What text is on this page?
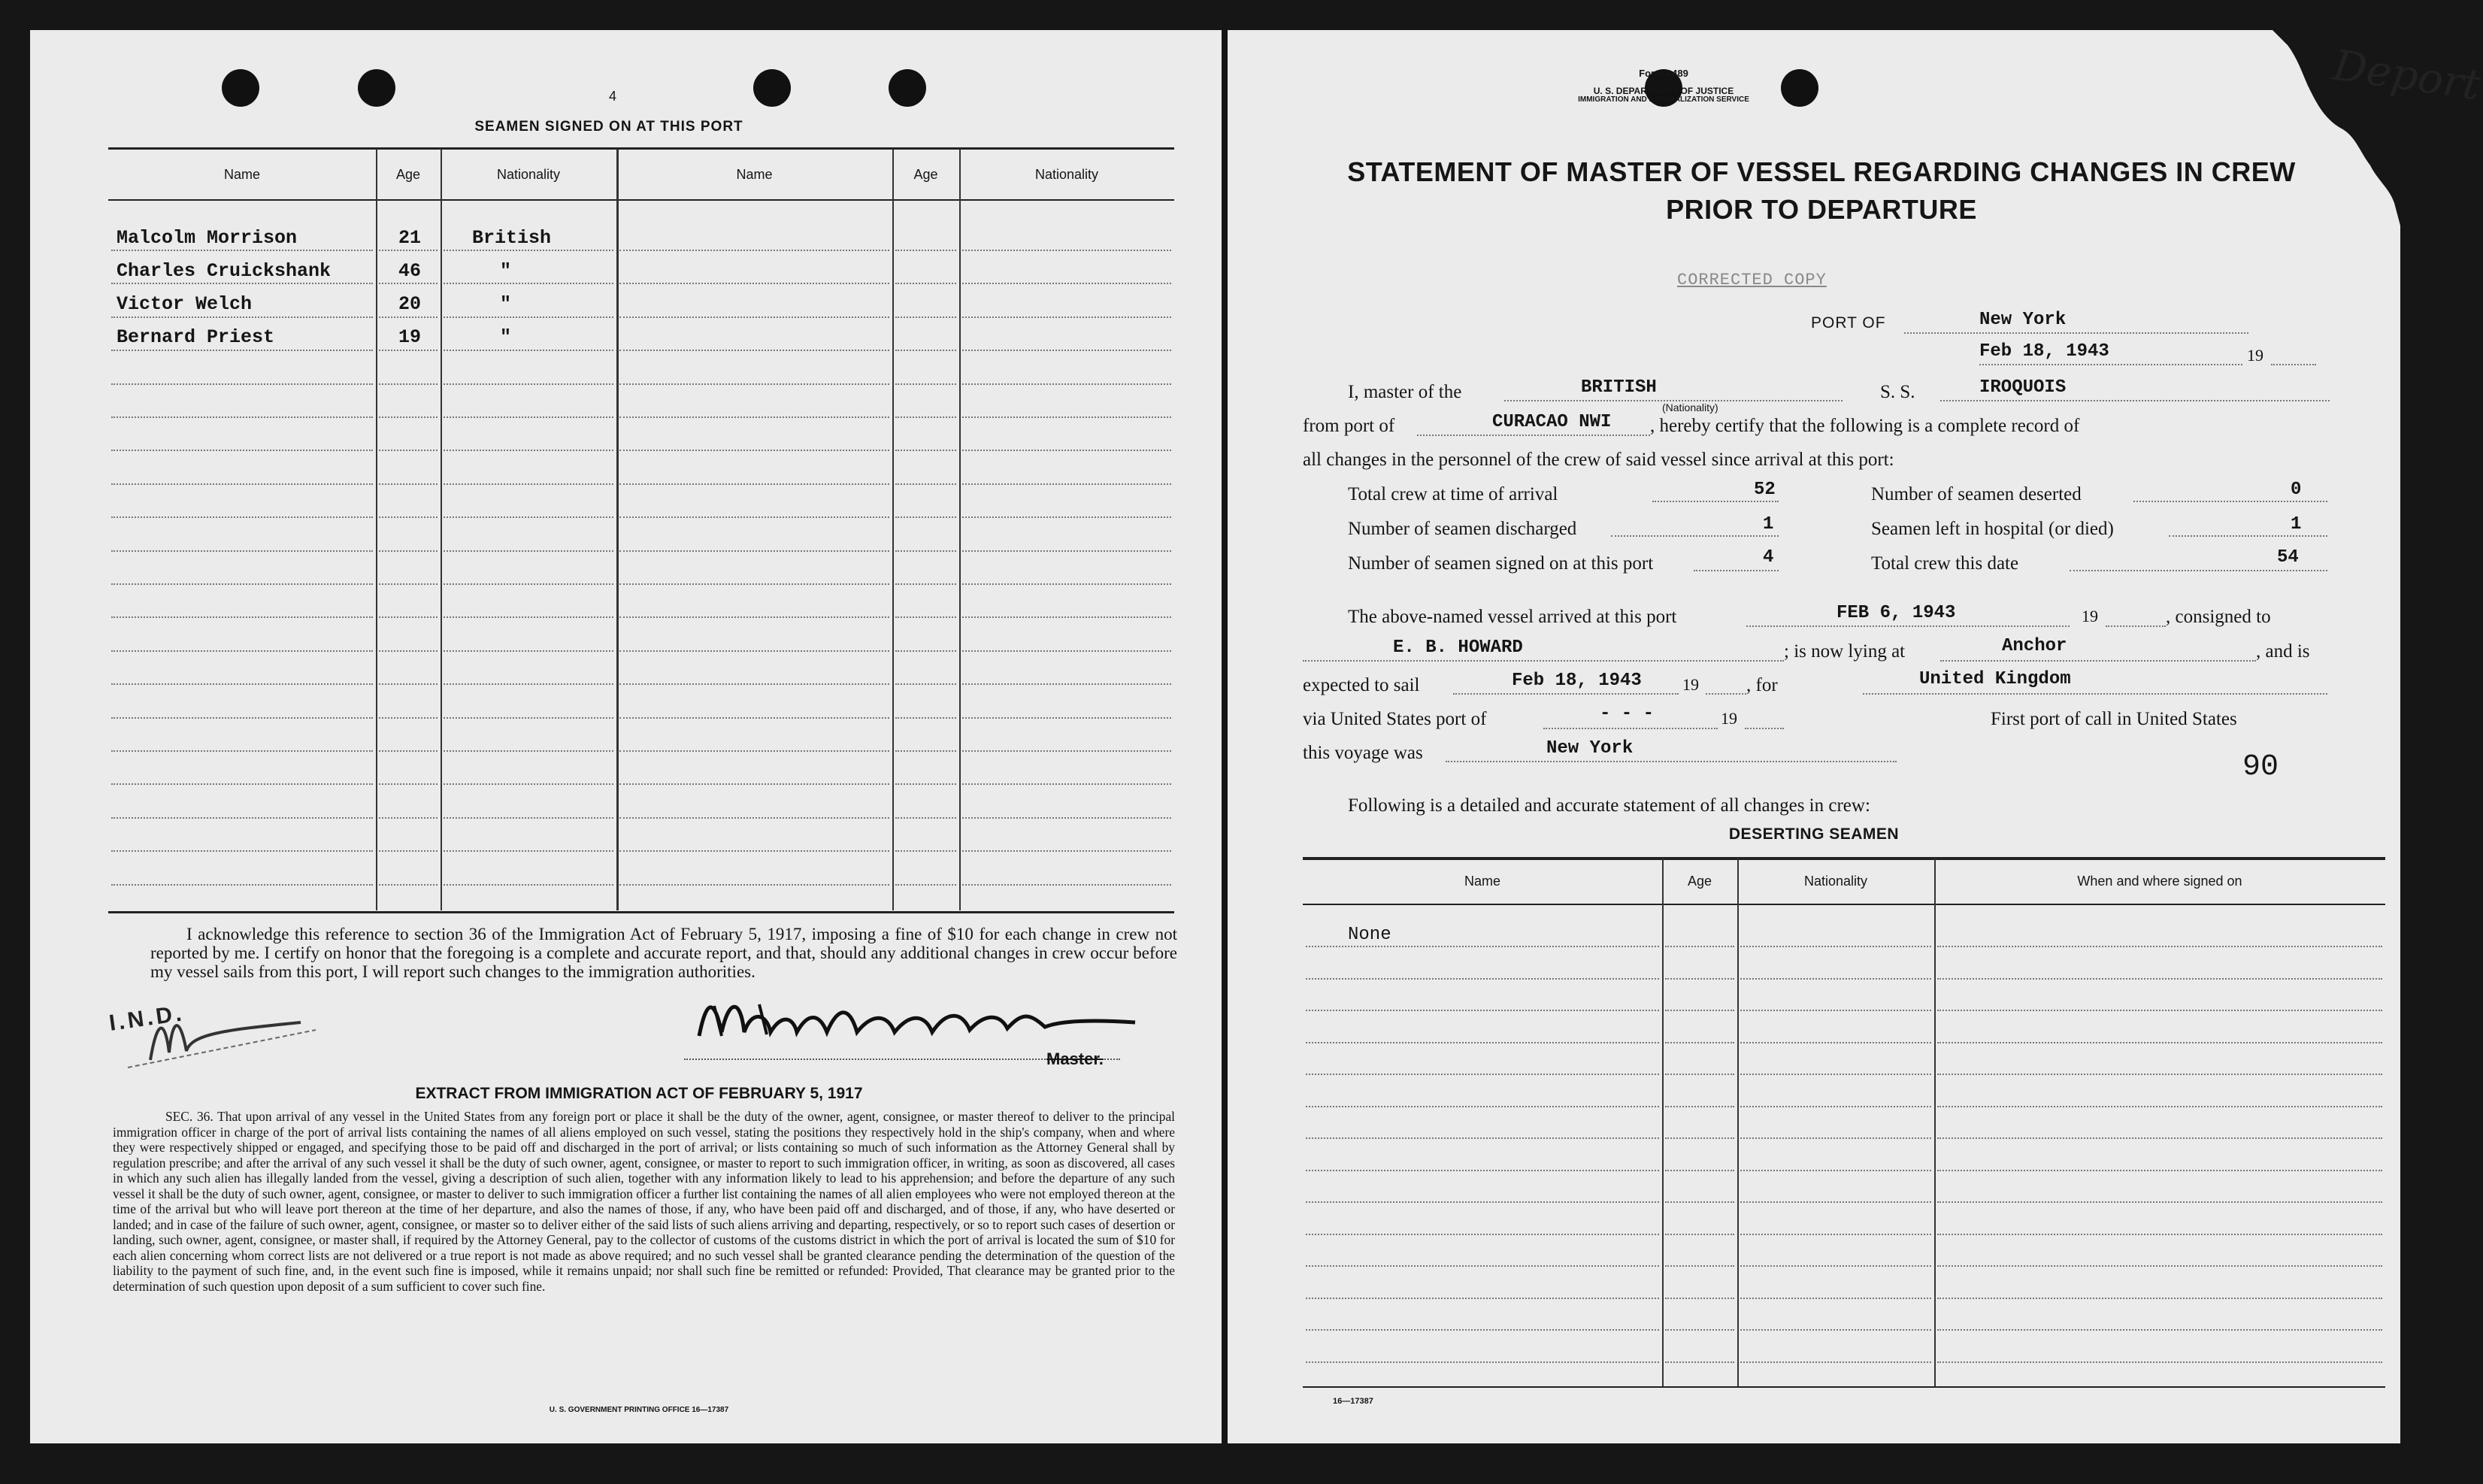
4
SEAMEN SIGNED ON AT THIS PORT
Name	Age	Nationality	Name	Age	Nationality
Malcolm Morrison	21	British
Charles Cruickshank	46	"
Victor Welch	20	"
Bernard Priest	19	"
I acknowledge this reference to section 36 of the Immigration Act of February 5, 1917, imposing a fine of $10 for each change in crew not reported by me. I certify on honor that the foregoing is a complete and accurate report, and that, should any additional changes in crew occur before my vessel sails from this port, I will report such changes to the immigration authorities.
I.N.D.
Master.
EXTRACT FROM IMMIGRATION ACT OF FEBRUARY 5, 1917
SEC. 36. That upon arrival of any vessel in the United States from any foreign port or place it shall be the duty of the owner, agent, consignee, or master thereof to deliver to the principal immigration officer in charge of the port of arrival lists containing the names of all aliens employed on such vessel, stating the positions they respectively hold in the ship's company, when and where they were respectively shipped or engaged, and specifying those to be paid off and discharged in the port of arrival; or lists containing so much of such information as the Attorney General shall by regulation prescribe; and after the arrival of any such vessel it shall be the duty of such owner, agent, consignee, or master to report to such immigration officer, in writing, as soon as discovered, all cases in which any such alien has illegally landed from the vessel, giving a description of such alien, together with any information likely to lead to his apprehension; and before the departure of any such vessel it shall be the duty of such owner, agent, consignee, or master to deliver to such immigration officer a further list containing the names of all alien employees who were not employed thereon at the time of the arrival but who will leave port thereon at the time of her departure, and also the names of those, if any, who have been paid off and discharged, and of those, if any, who have deserted or landed; and in case of the failure of such owner, agent, consignee, or master so to deliver either of the said lists of such aliens arriving and departing, respectively, or so to report such cases of desertion or landing, such owner, agent, consignee, or master shall, if required by the Attorney General, pay to the collector of customs of the customs district in which the port of arrival is located the sum of $10 for each alien concerning whom correct lists are not delivered or a true report is not made as above required; and no such vessel shall be granted clearance pending the determination of the question of the liability to the payment of such fine, and, in the event such fine is imposed, while it remains unpaid; nor shall such fine be remitted or refunded: Provided, That clearance may be granted prior to the determination of such question upon deposit of a sum sufficient to cover such fine.
U. S. GOVERNMENT PRINTING OFFICE 16—17387
Form I-489
(Old 689)
U. S. DEPARTMENT OF JUSTICE
IMMIGRATION AND NATURALIZATION SERVICE	Deport
STATEMENT OF MASTER OF VESSEL REGARDING CHANGES IN CREW
PRIOR TO DEPARTURE
CORRECTED COPY
PORT OF	New York
Feb 18, 1943	19
I, master of the	BRITISH
(Nationality)
S. S.	IROQUOIS
from port of	CURACAO NWI , hereby certify that the following is a complete record of
all changes in the personnel of the crew of said vessel since arrival at this port:
Total crew at time of arrival	52	Number of seamen deserted	0
Number of seamen discharged	1	Seamen left in hospital (or died)	1
Number of seamen signed on at this port	4	Total crew this date	54
The above-named vessel arrived at this port	FEB 6, 1943	19	, consigned to
E. B. HOWARD	; is now lying at	Anchor	, and is
expected to sail	Feb 18, 1943 19	, for	United Kingdom
via United States port of	- - -	19	First port of call in United States
this voyage was	New York
90
Following is a detailed and accurate statement of all changes in crew:
DESERTING SEAMEN
Name	Age	Nationality	When and where signed on
None
16—17387
